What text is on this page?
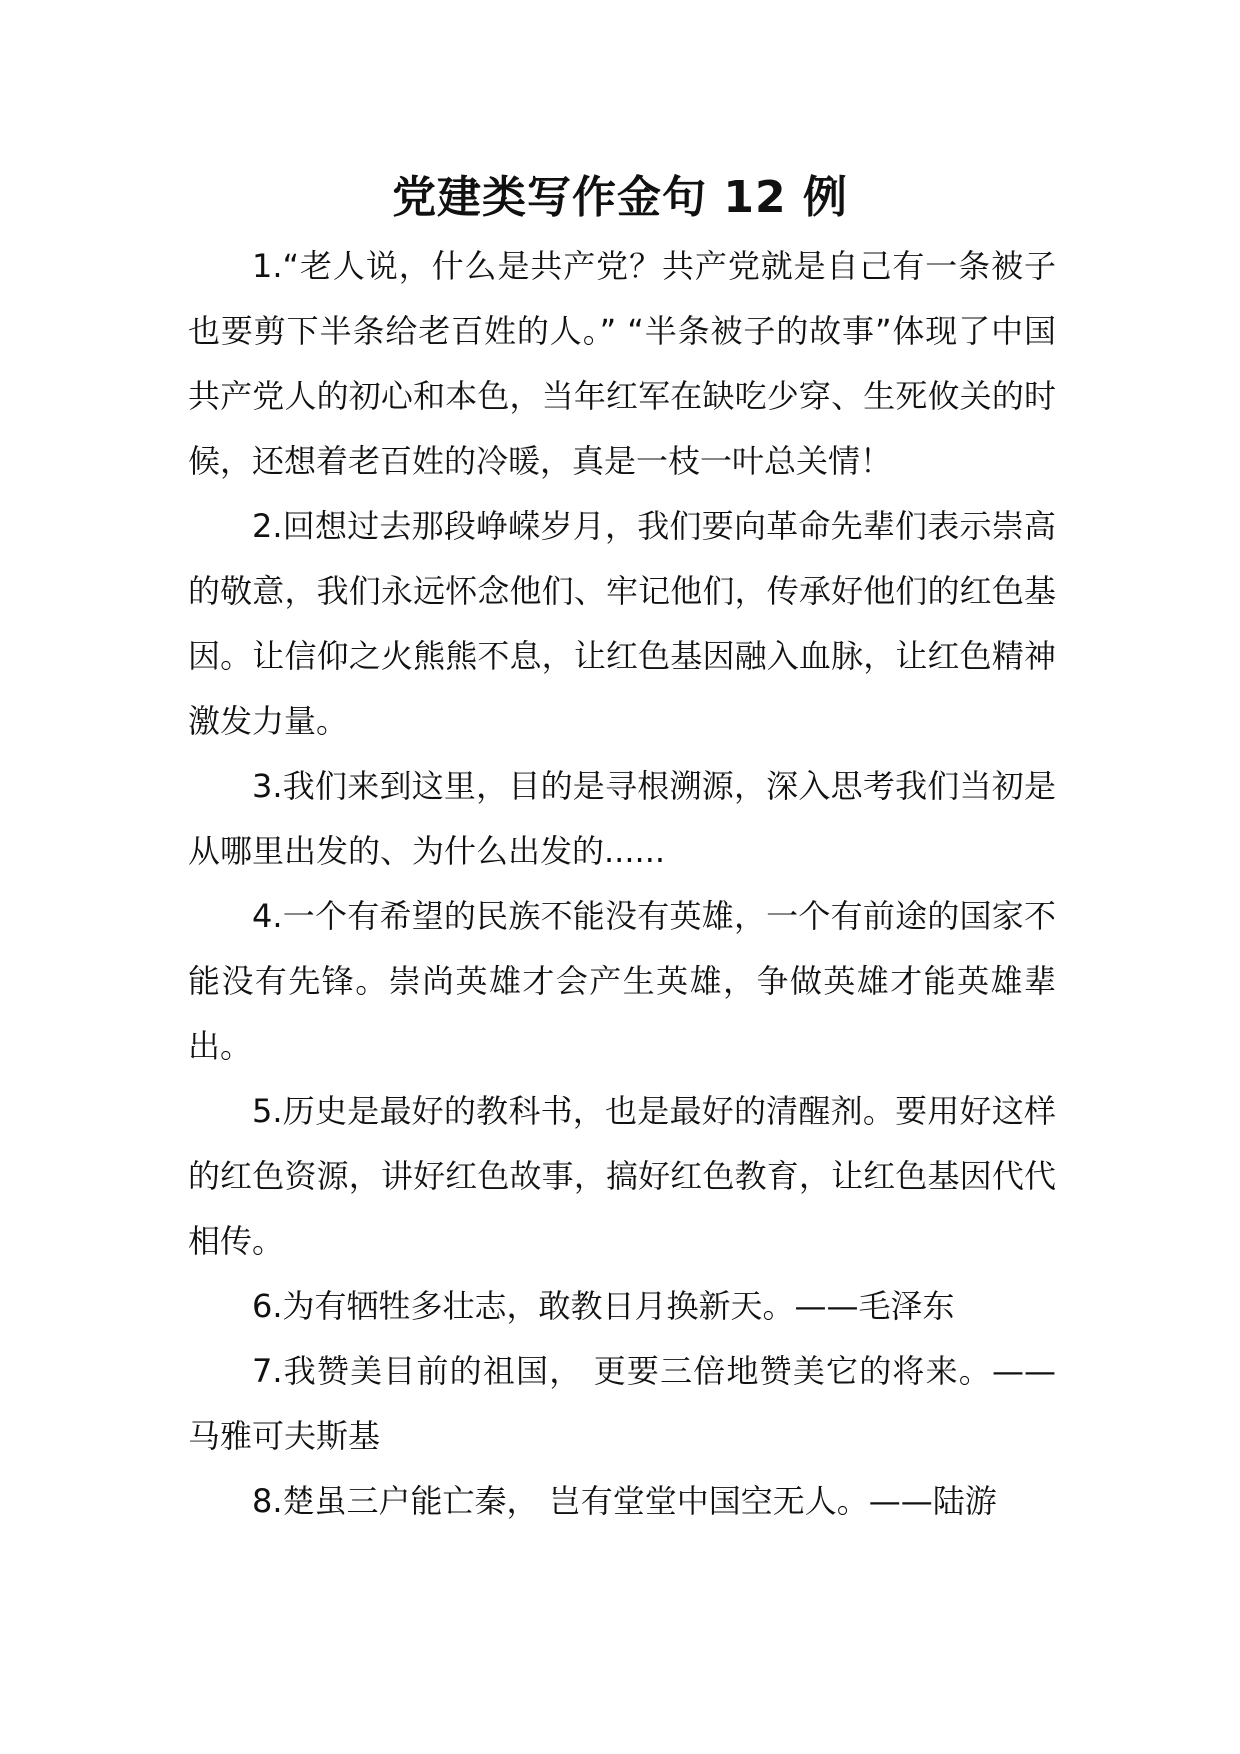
党建类写作金句 12 例

1.“老人说，什么是共产党？共产党就是自己有一条被子也要剪下半条给老百姓的人。” “半条被子的故事”体现了中国共产党人的初心和本色，当年红军在缺吃少穿、生死攸关的时候，还想着老百姓的冷暖，真是一枝一叶总关情！

2.回想过去那段峥嵘岁月，我们要向革命先辈们表示崇高的敬意，我们永远怀念他们、牢记他们，传承好他们的红色基因。让信仰之火熊熊不息，让红色基因融入血脉，让红色精神激发力量。

3.我们来到这里，目的是寻根溯源，深入思考我们当初是从哪里出发的、为什么出发的......

4.一个有希望的民族不能没有英雄，一个有前途的国家不能没有先锋。崇尚英雄才会产生英雄，争做英雄才能英雄辈出。

5.历史是最好的教科书，也是最好的清醒剂。要用好这样的红色资源，讲好红色故事，搞好红色教育，让红色基因代代相传。

6.为有牺牲多壮志，敢教日月换新天。——毛泽东

7.我赞美目前的祖国， 更要三倍地赞美它的将来。——马雅可夫斯基

8.楚虽三户能亡秦， 岂有堂堂中国空无人。——陆游
